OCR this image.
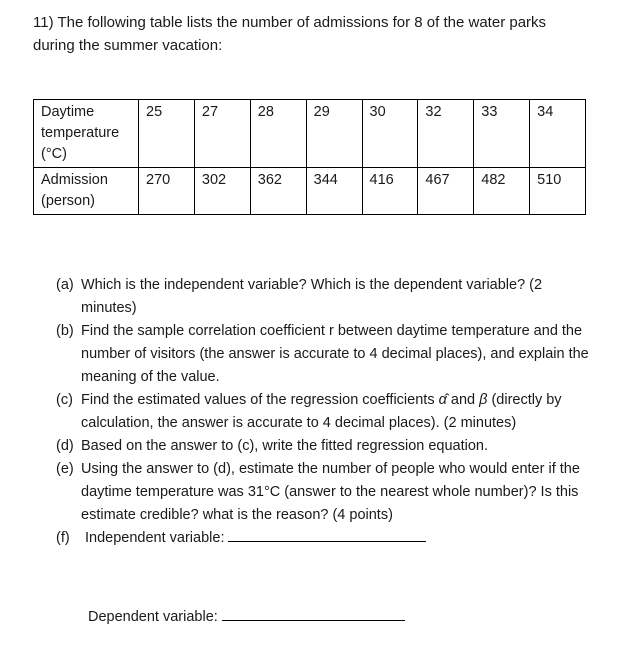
11) The following table lists the number of admissions for 8 of the water parks
during the summer vacation:
Daytime
temperature
(°C)	25	27	28	29	30	32	33	34
Admission
(person)	270	302	362	344	416	467	482	510
(a) Which is the independent variable? Which is the dependent variable? (2 minutes)
(b) Find the sample correlation coefficient r between daytime temperature and the number of visitors (the answer is accurate to 4 decimal places), and explain the meaning of the value.
(c) Find the estimated values of the regression coefficients α̂ and β (directly by calculation, the answer is accurate to 4 decimal places). (2 minutes)
(d) Based on the answer to (c), write the fitted regression equation.
(e) Using the answer to (d), estimate the number of people who would enter if the daytime temperature was 31°C (answer to the nearest whole number)? Is this estimate credible? what is the reason? (4 points)
(f) Independent variable:
Dependent variable:
